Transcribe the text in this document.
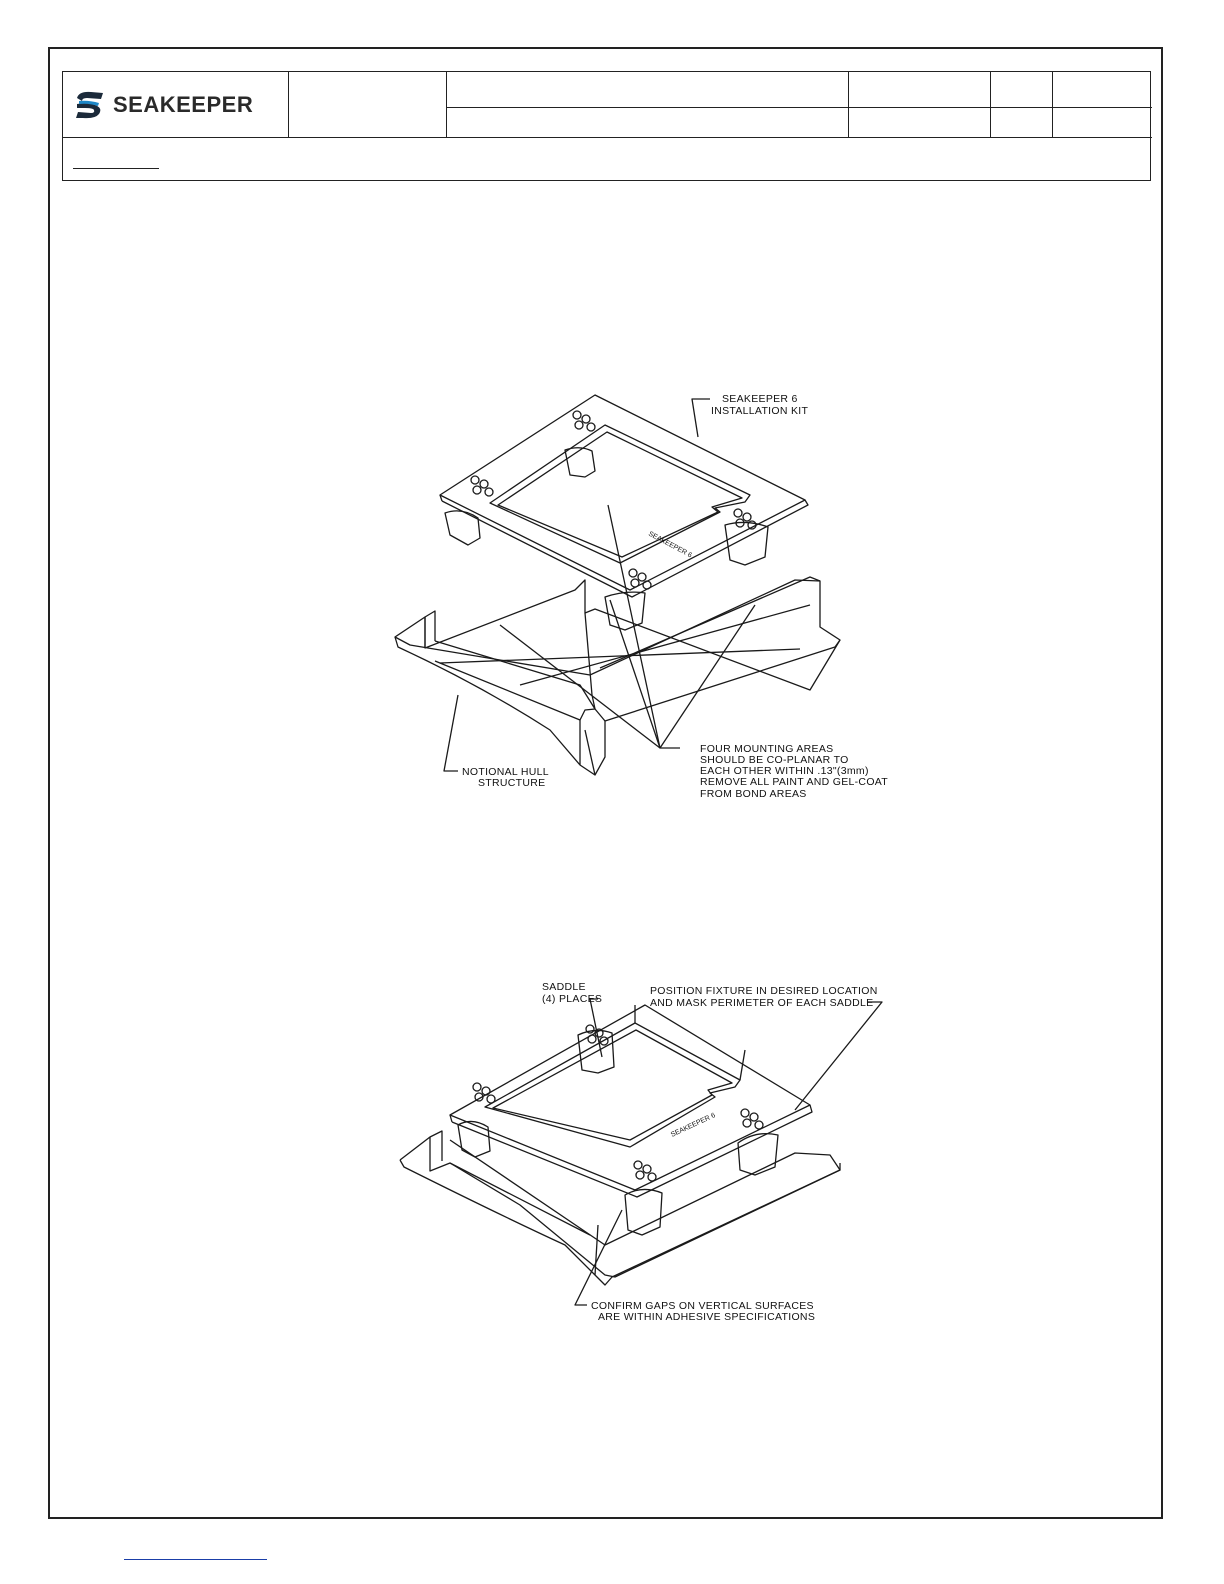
SEAKEEPER
SEAKEEPER 6
SEAKEEPER 6
INSTALLATION KIT
NOTIONAL HULL
STRUCTURE
FOUR MOUNTING AREAS
SHOULD BE CO-PLANAR TO
EACH OTHER WITHIN .13"(3mm)
REMOVE ALL PAINT AND GEL-COAT
FROM BOND AREAS
SEAKEEPER 6
SADDLE
(4) PLACES
POSITION FIXTURE IN DESIRED LOCATION
AND MASK PERIMETER OF EACH SADDLE
CONFIRM GAPS ON VERTICAL SURFACES
ARE WITHIN ADHESIVE SPECIFICATIONS
